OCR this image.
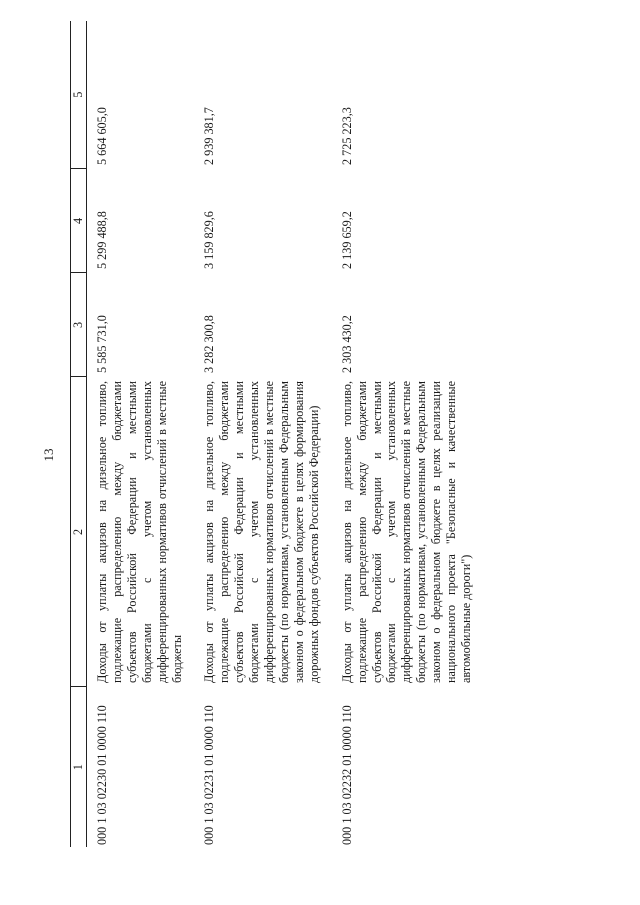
13
1	2	3	4	5
000 1 03 02230 01 0000 110	Доходы от уплаты акцизов на дизельное топливо, подлежащие распределению между бюджетами субъектов Российской Федерации и местными бюджетами с учетом установленных дифференцированных нормативов отчислений в местные бюджеты	5 585 731,0	5 299 488,8	5 664 605,0
000 1 03 02231 01 0000 110	Доходы от уплаты акцизов на дизельное топливо, подлежащие распределению между бюджетами субъектов Российской Федерации и местными бюджетами с учетом установленных дифференцированных нормативов отчислений в местные бюджеты (по нормативам, установленным Федеральным законом о федеральном бюджете в целях формирования дорожных фондов субъектов Российской Федерации)	3 282 300,8	3 159 829,6	2 939 381,7
000 1 03 02232 01 0000 110	Доходы от уплаты акцизов на дизельное топливо, подлежащие распределению между бюджетами субъектов Российской Федерации и местными бюджетами с учетом установленных дифференцированных нормативов отчислений в местные бюджеты (по нормативам, установленным Федеральным законом о федеральном бюджете в целях реализации национального проекта "Безопасные и качественные автомобильные дороги")	2 303 430,2	2 139 659,2	2 725 223,3
